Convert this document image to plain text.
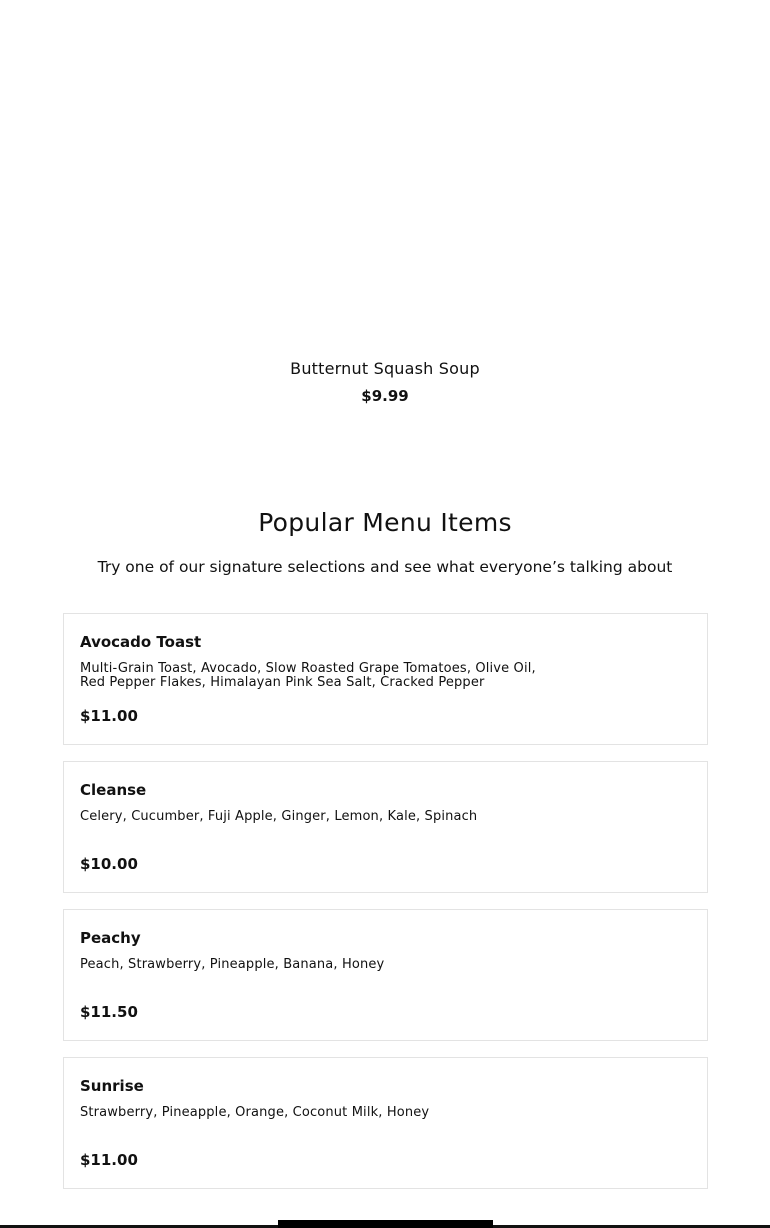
Butternut Squash Soup
$9.99
Popular Menu Items

Try one of our signature selections and see what everyone’s talking about

Avocado Toast
Multi-Grain Toast, Avocado, Slow Roasted Grape Tomatoes, Olive Oil,
Red Pepper Flakes, Himalayan Pink Sea Salt, Cracked Pepper
$11.00
Cleanse
Celery, Cucumber, Fuji Apple, Ginger, Lemon, Kale, Spinach
$10.00
Peachy
Peach, Strawberry, Pineapple, Banana, Honey
$11.50
Sunrise
Strawberry, Pineapple, Orange, Coconut Milk, Honey
$11.00
